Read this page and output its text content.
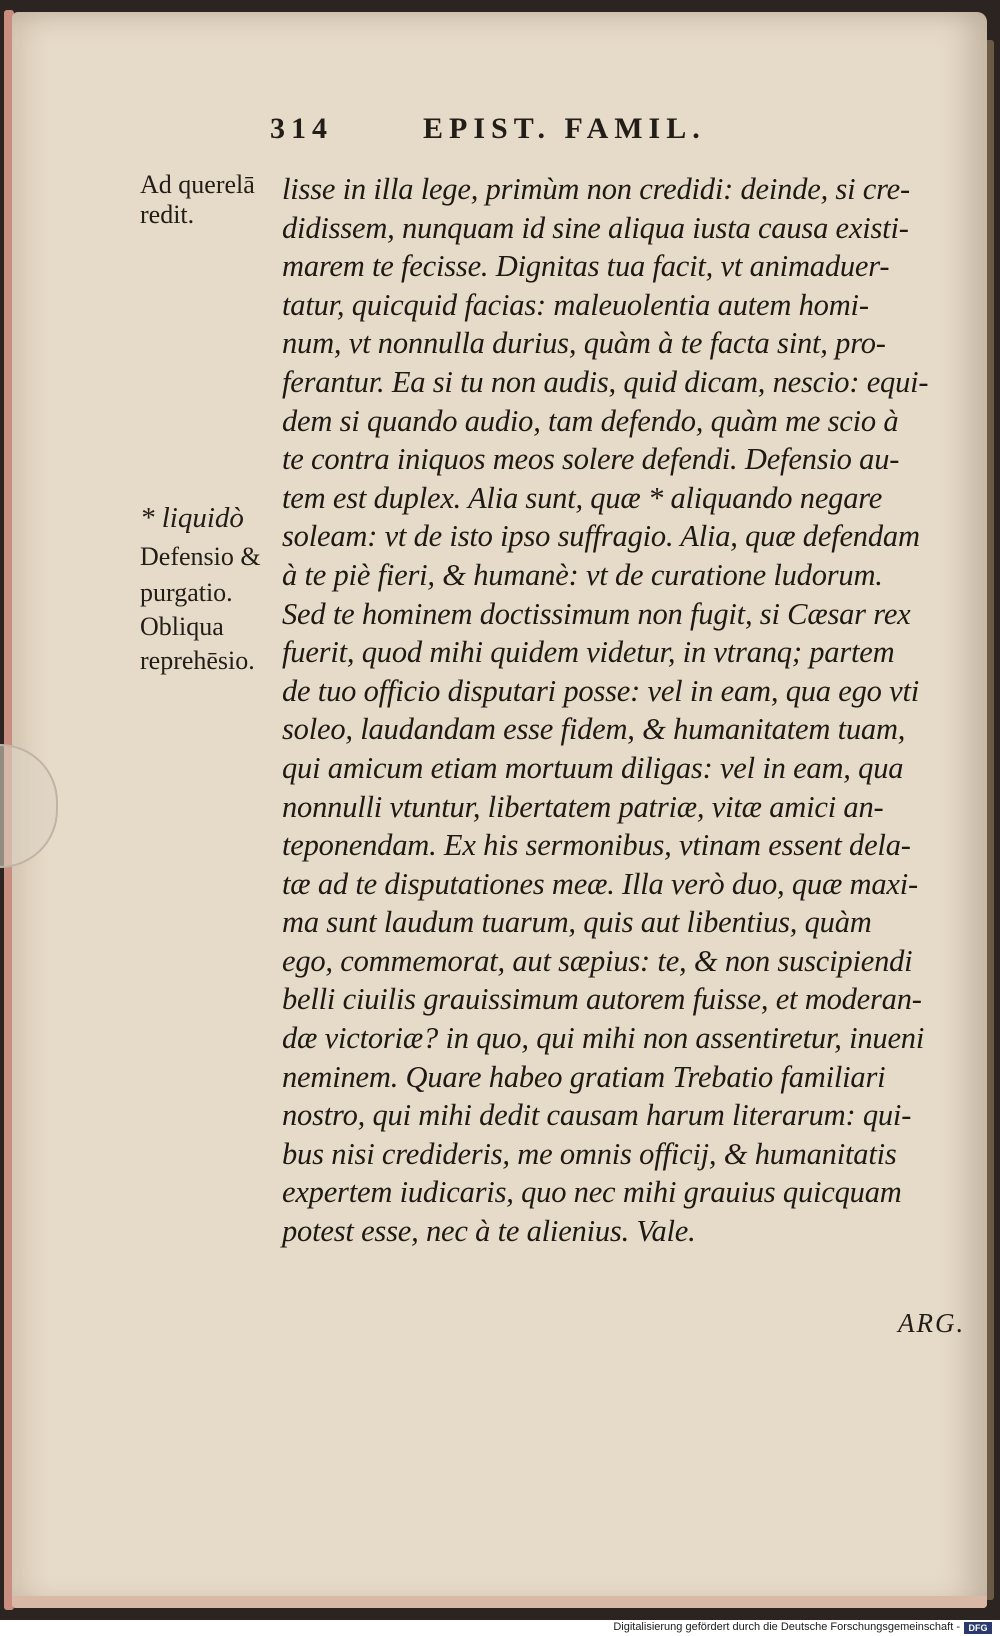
314	EPIST. FAMIL.
Ad querelā
redit.
* liquidò
Defensio &
purgatio.
Obliqua
reprehēsio.
lisse in illa lege, primùm non credidi: deinde, si cre-
didissem, nunquam id sine aliqua iusta causa existi-
marem te fecisse. Dignitas tua facit, vt animaduer-
tatur, quicquid facias: maleuolentia autem homi-
num, vt nonnulla durius, quàm à te facta sint, pro-
ferantur. Ea si tu non audis, quid dicam, nescio: equi-
dem si quando audio, tam defendo, quàm me scio à
te contra iniquos meos solere defendi. Defensio au-
tem est duplex. Alia sunt, quæ * aliquando negare
soleam: vt de isto ipso suffragio. Alia, quæ defendam
à te piè fieri, & humanè: vt de curatione ludorum.
Sed te hominem doctissimum non fugit, si Cæsar rex
fuerit, quod mihi quidem videtur, in vtranq; partem
de tuo officio disputari posse: vel in eam, qua ego vti
soleo, laudandam esse fidem, & humanitatem tuam,
qui amicum etiam mortuum diligas: vel in eam, qua
nonnulli vtuntur, libertatem patriæ, vitæ amici an-
teponendam. Ex his sermonibus, vtinam essent dela-
tæ ad te disputationes meæ. Illa verò duo, quæ maxi-
ma sunt laudum tuarum, quis aut libentius, quàm
ego, commemorat, aut sæpius: te, & non suscipiendi
belli ciuilis grauissimum autorem fuisse, et moderan-
dæ victoriæ? in quo, qui mihi non assentiretur, inueni
neminem. Quare habeo gratiam Trebatio familiari
nostro, qui mihi dedit causam harum literarum: qui-
bus nisi credideris, me omnis officij, & humanitatis
expertem iudicaris, quo nec mihi grauius quicquam
potest esse, nec à te alienius. Vale.
ARG.
Digitalisierung gefördert durch die Deutsche Forschungsgemeinschaft - DFG
